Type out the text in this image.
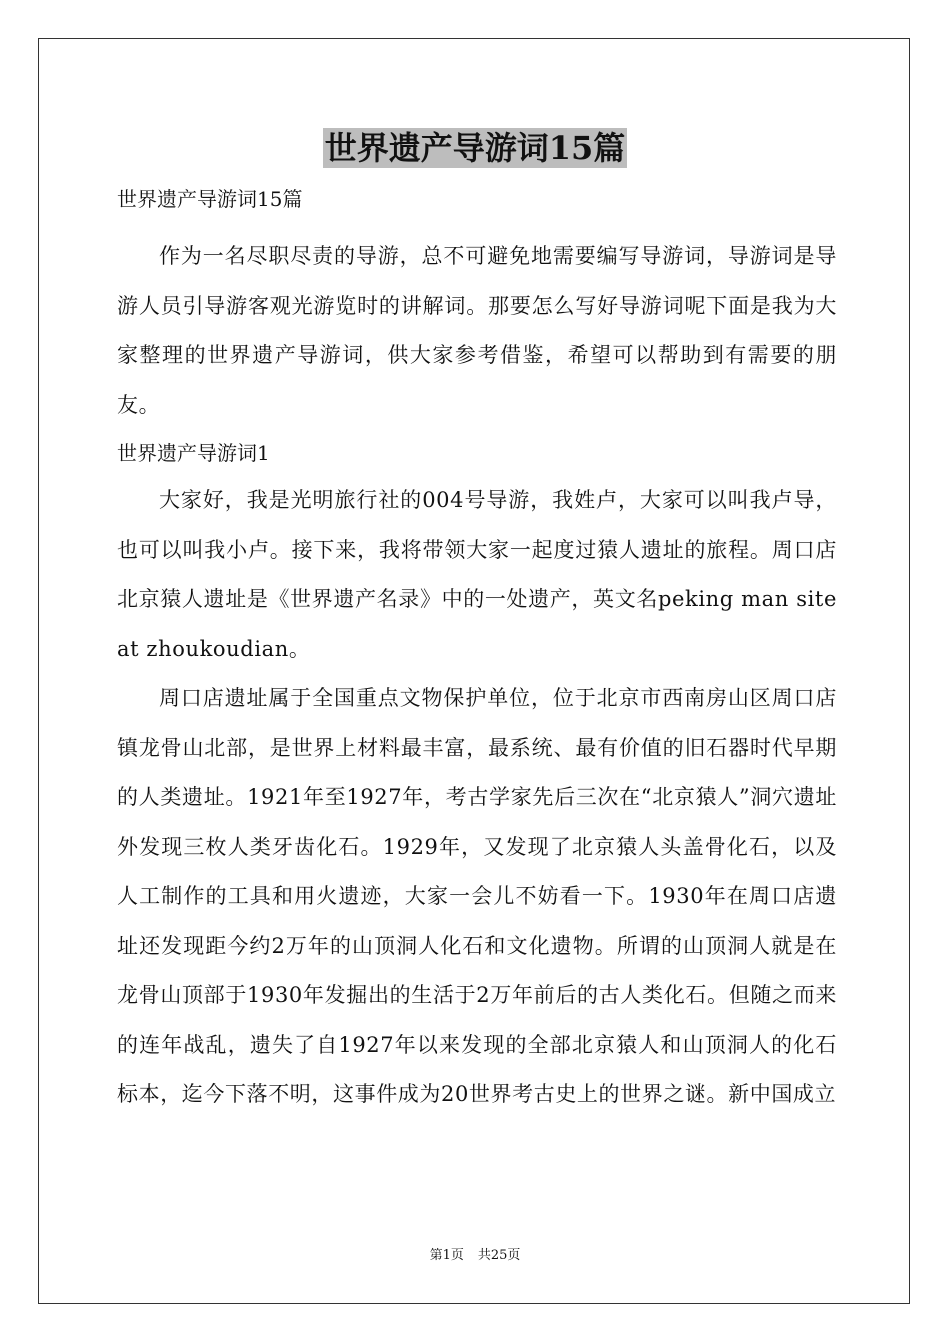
世界遗产导游词15篇

世界遗产导游词15篇

作为一名尽职尽责的导游，总不可避免地需要编写导游词，导游词是导游人员引导游客观光游览时的讲解词。那要怎么写好导游词呢下面是我为大家整理的世界遗产导游词，供大家参考借鉴，希望可以帮助到有需要的朋友。

世界遗产导游词1

大家好，我是光明旅行社的004号导游，我姓卢，大家可以叫我卢导，也可以叫我小卢。接下来，我将带领大家一起度过猿人遗址的旅程。周口店北京猿人遗址是《世界遗产名录》中的一处遗产，英文名peking man site at zhoukoudian。

周口店遗址属于全国重点文物保护单位，位于北京市西南房山区周口店镇龙骨山北部，是世界上材料最丰富，最系统、最有价值的旧石器时代早期的人类遗址。1921年至1927年，考古学家先后三次在“北京猿人”洞穴遗址外发现三枚人类牙齿化石。1929年，又发现了北京猿人头盖骨化石，以及人工制作的工具和用火遗迹，大家一会儿不妨看一下。1930年在周口店遗址还发现距今约2万年的山顶洞人化石和文化遗物。所谓的山顶洞人就是在龙骨山顶部于1930年发掘出的生活于2万年前后的古人类化石。但随之而来的连年战乱，遗失了自1927年以来发现的全部北京猿人和山顶洞人的化石标本，迄今下落不明，这事件成为20世界考古史上的世界之谜。新中国成立

第1页 共25页
